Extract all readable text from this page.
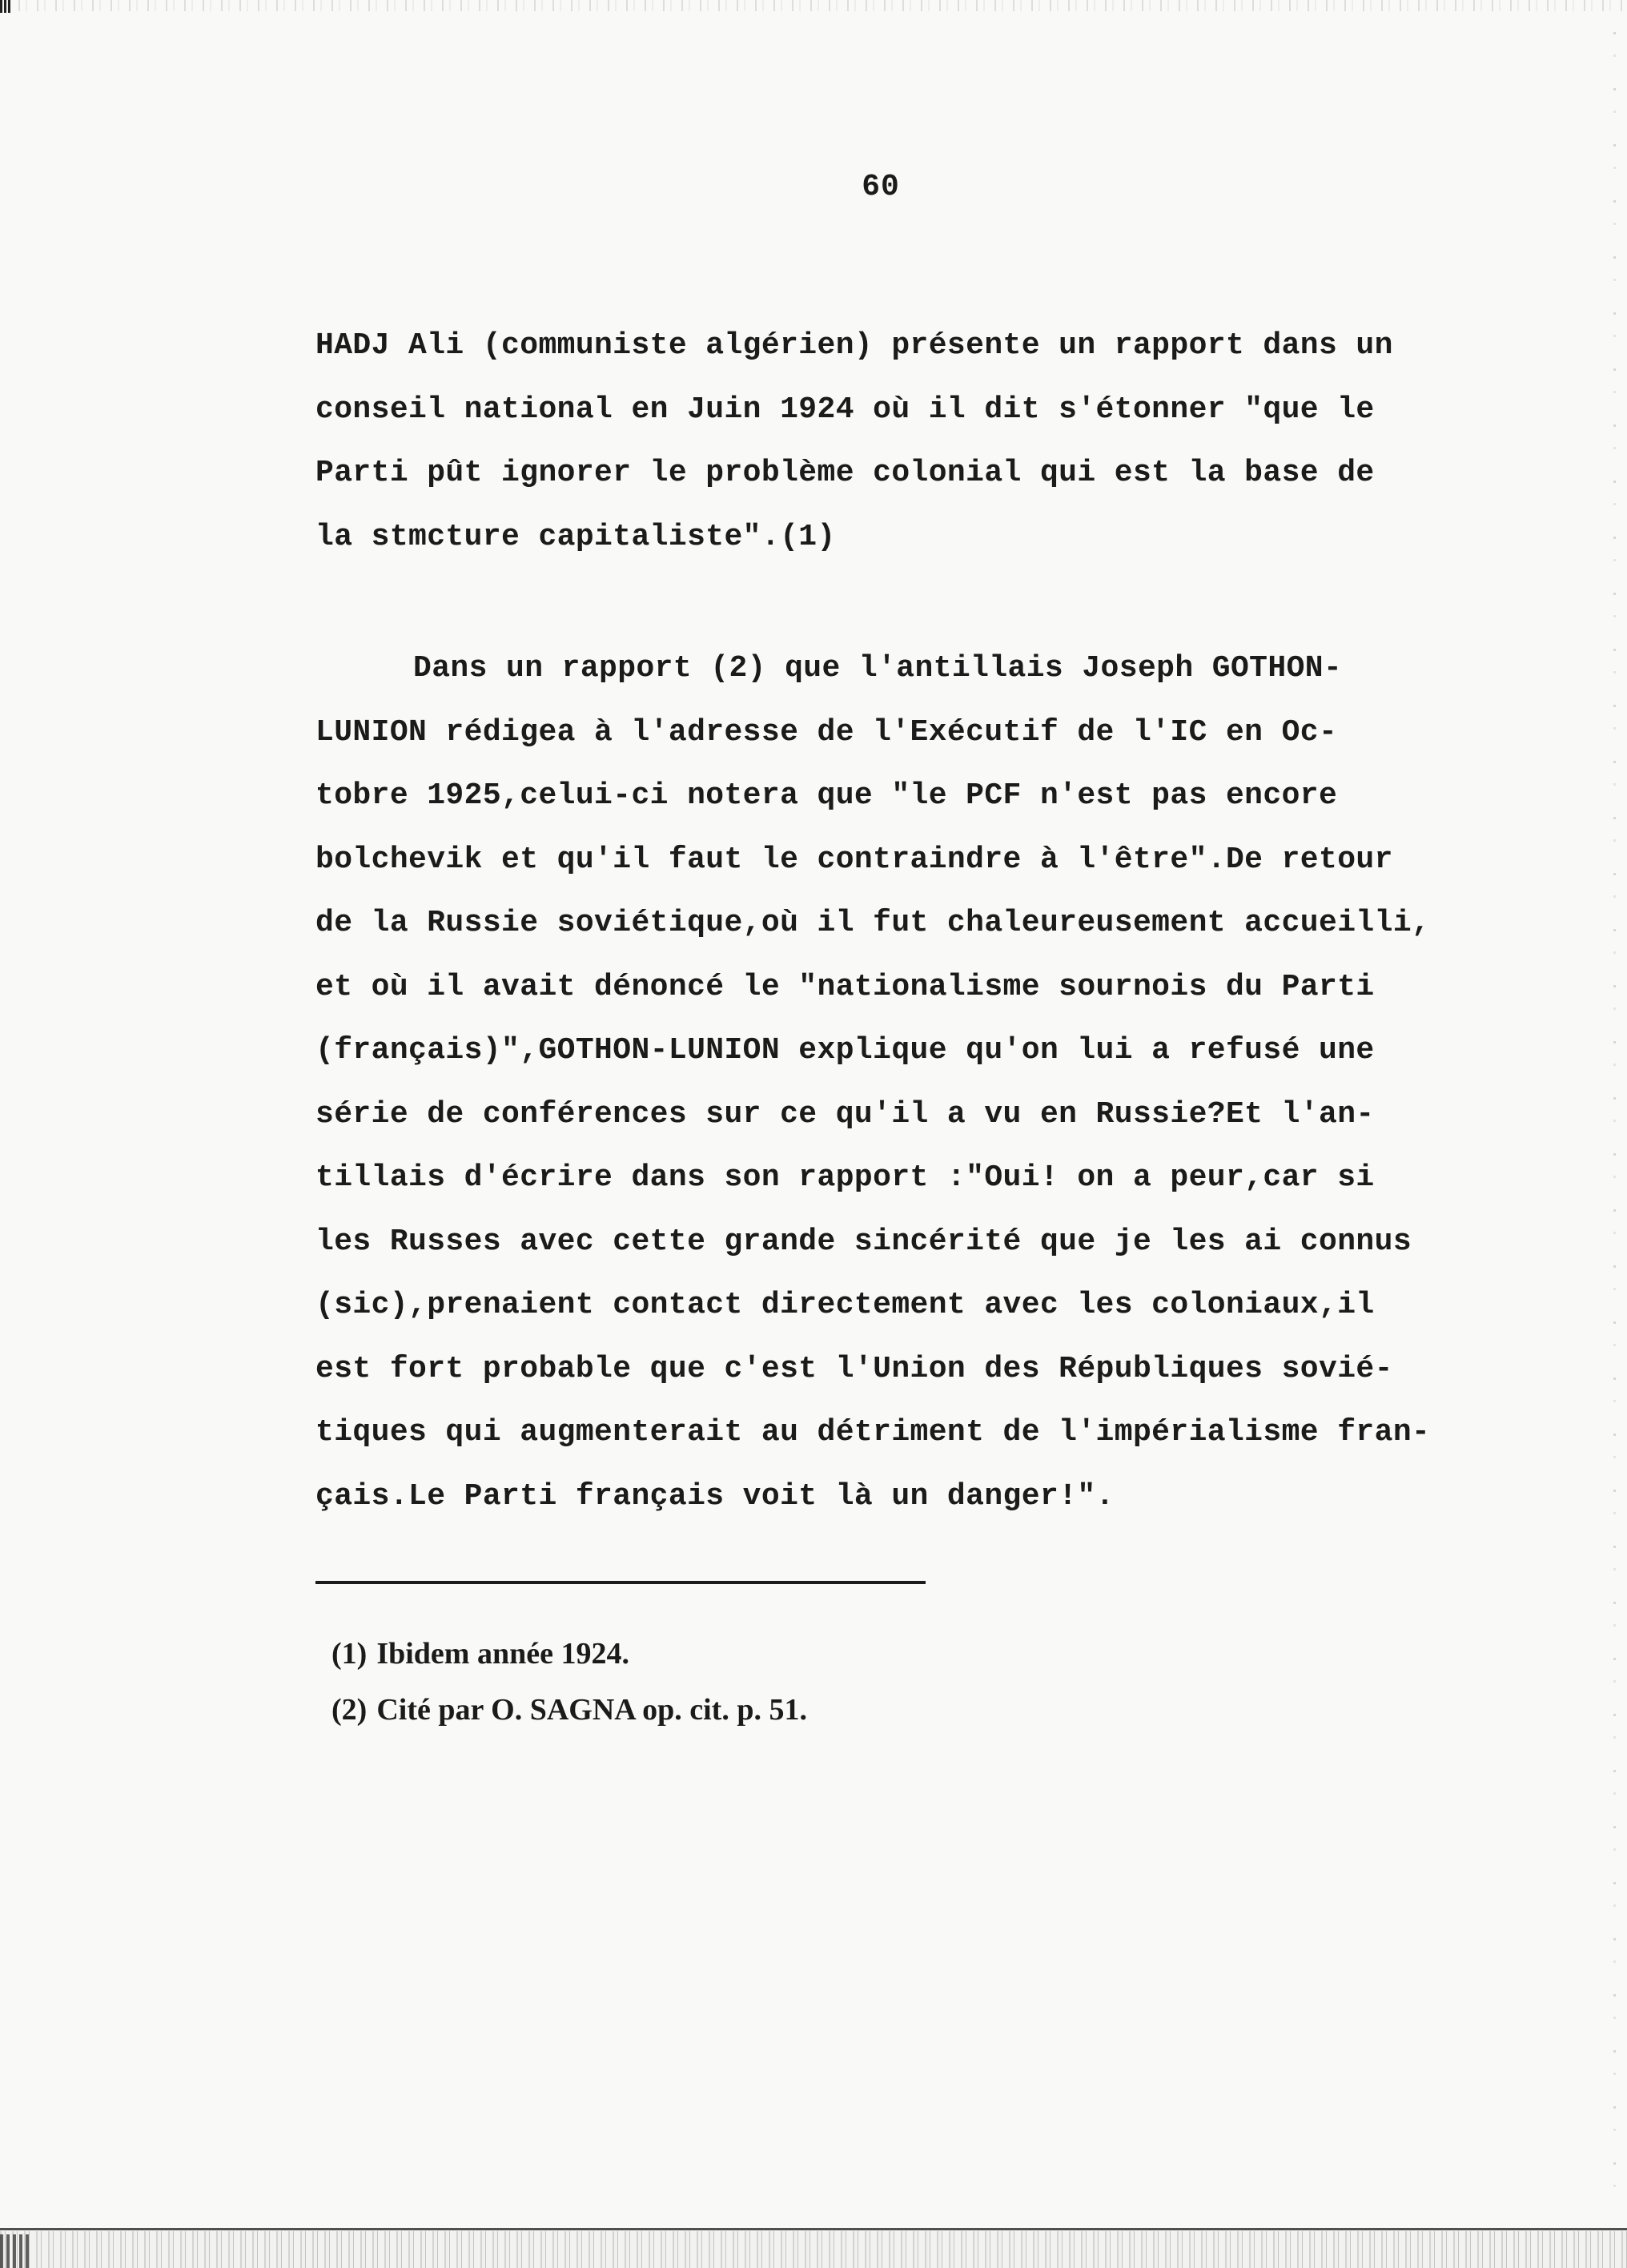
60
HADJ Ali (communiste algérien) présente un rapport dans un
conseil national en Juin 1924 où il dit s'étonner "que le
Parti pût ignorer le problème colonial qui est la base de
la stmcture capitaliste".(1)
Dans un rapport (2) que l'antillais Joseph GOTHON-
LUNION rédigea à l'adresse de l'Exécutif de l'IC en Oc-
tobre 1925,celui-ci notera que "le PCF n'est pas encore
bolchevik et qu'il faut le contraindre à l'être".De retour
de la Russie soviétique,où il fut chaleureusement accueilli,
et où il avait dénoncé le "nationalisme sournois du Parti
(français)",GOTHON-LUNION explique qu'on lui a refusé une
série de conférences sur ce qu'il a vu en Russie?Et l'an-
tillais d'écrire dans son rapport :"Oui! on a peur,car si
les Russes avec cette grande sincérité que je les ai connus
(sic),prenaient contact directement avec les coloniaux,il
est fort probable que c'est l'Union des Républiques sovié-
tiques qui augmenterait au détriment de l'impérialisme fran-
çais.Le Parti français voit là un danger!".
(1) Ibidem année 1924.
(2) Cité par O. SAGNA op. cit. p. 51.
